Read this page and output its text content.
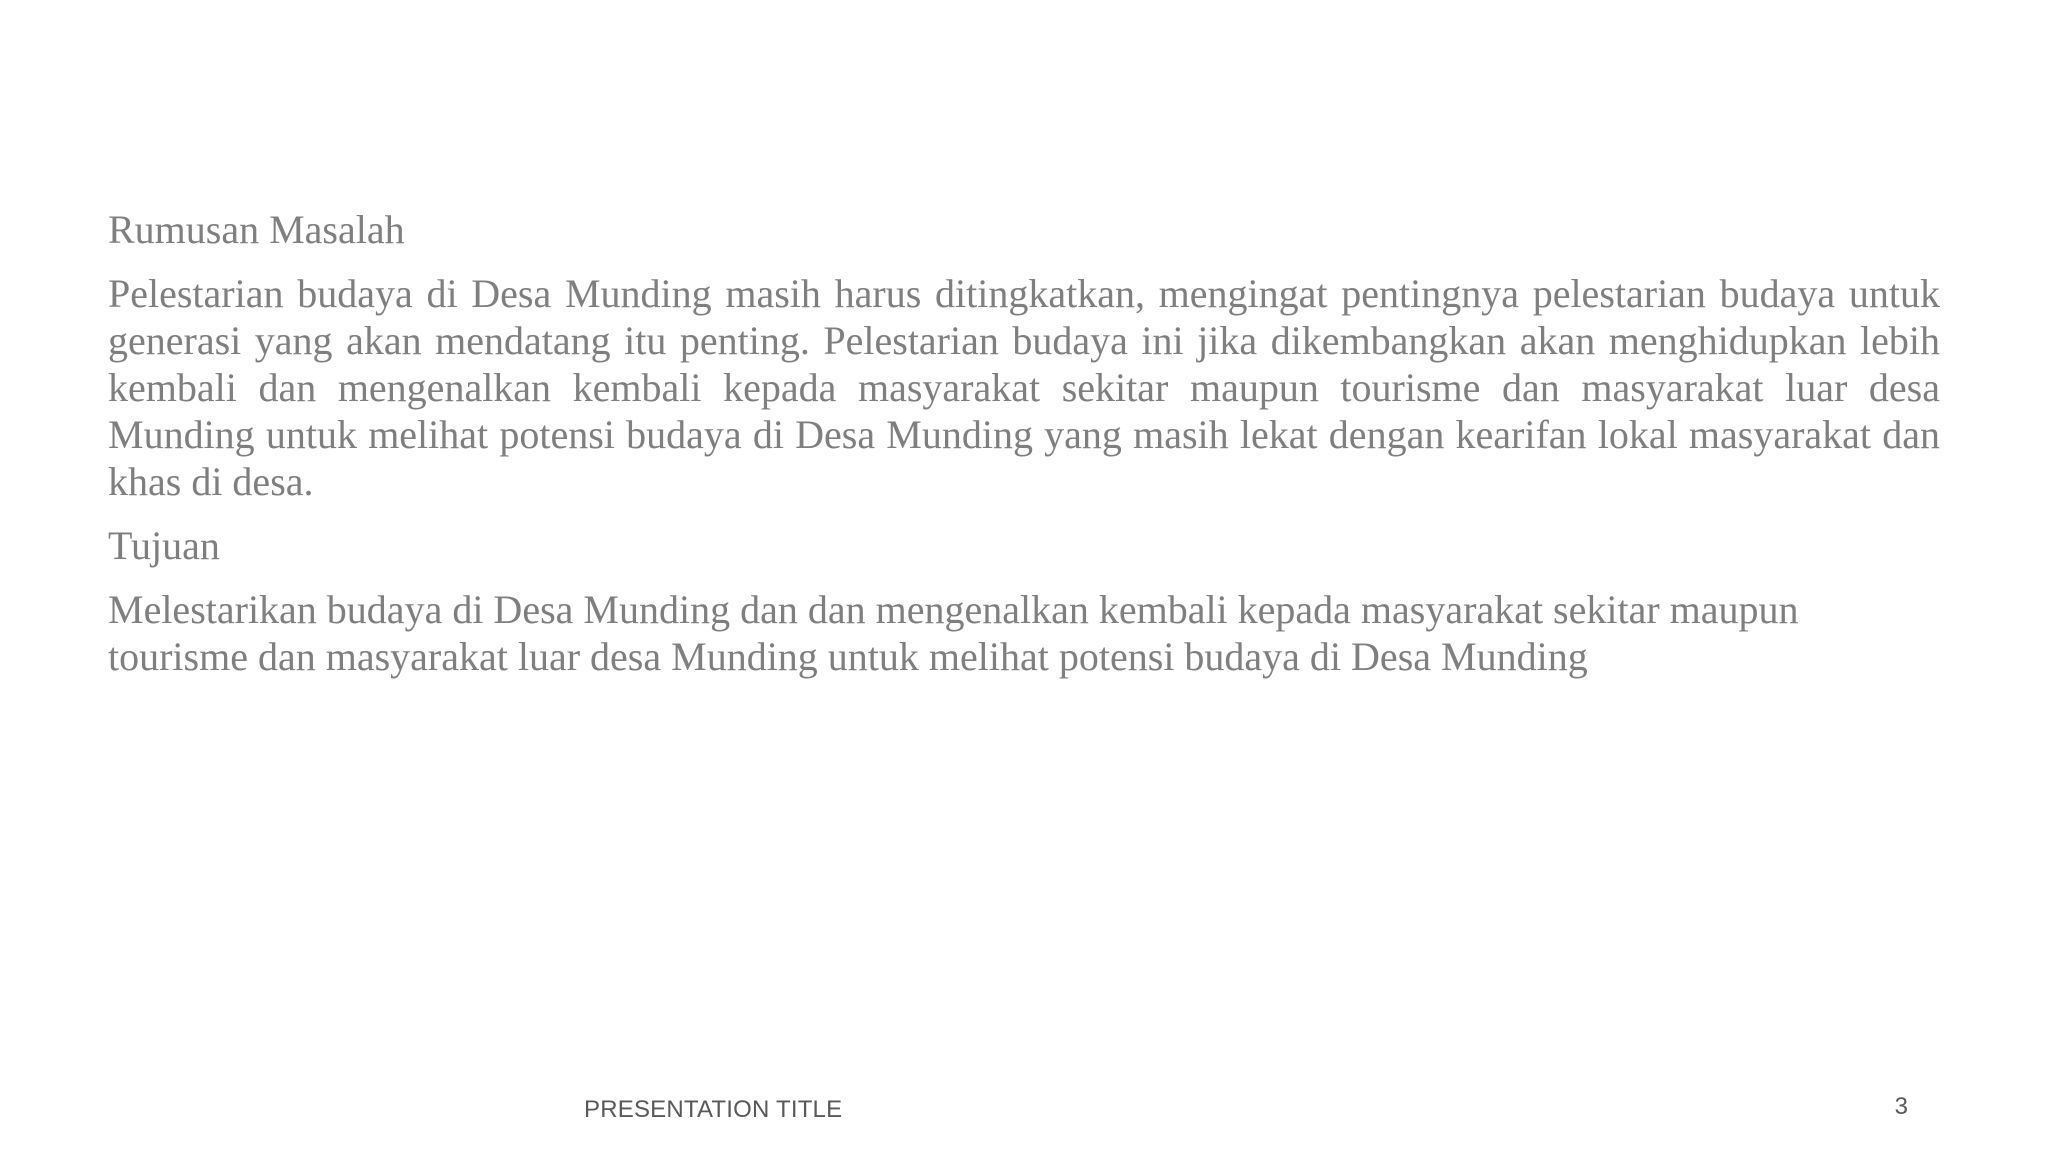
Rumusan Masalah

Pelestarian budaya di Desa Munding masih harus ditingkatkan, mengingat pentingnya pelestarian budaya untuk generasi yang akan mendatang itu penting. Pelestarian budaya ini jika dikembangkan akan menghidupkan lebih kembali dan mengenalkan kembali kepada masyarakat sekitar maupun tourisme dan masyarakat luar desa Munding untuk melihat potensi budaya di Desa Munding yang masih lekat dengan kearifan lokal masyarakat dan khas di desa.

Tujuan

Melestarikan budaya di Desa Munding dan dan mengenalkan kembali kepada masyarakat sekitar maupun tourisme dan masyarakat luar desa Munding untuk melihat potensi budaya di Desa Munding

PRESENTATION TITLE	3
